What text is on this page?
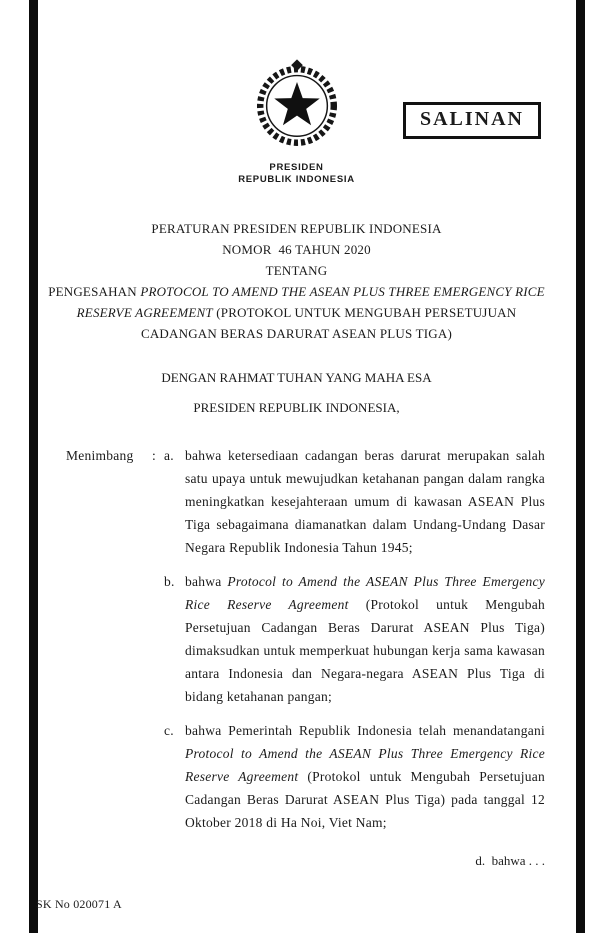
SALINAN
PRESIDEN
REPUBLIK INDONESIA
PERATURAN PRESIDEN REPUBLIK INDONESIA
NOMOR  46 TAHUN 2020
TENTANG
PENGESAHAN PROTOCOL TO AMEND THE ASEAN PLUS THREE EMERGENCY RICE RESERVE AGREEMENT (PROTOKOL UNTUK MENGUBAH PERSETUJUAN CADANGAN BERAS DARURAT ASEAN PLUS TIGA)
DENGAN RAHMAT TUHAN YANG MAHA ESA
PRESIDEN REPUBLIK INDONESIA,
Menimbang	: a. bahwa ketersediaan cadangan beras darurat merupakan salah satu upaya untuk mewujudkan ketahanan pangan dalam rangka meningkatkan kesejahteraan umum di kawasan ASEAN Plus Tiga sebagaimana diamanatkan dalam Undang-Undang Dasar Negara Republik Indonesia Tahun 1945;
b. bahwa Protocol to Amend the ASEAN Plus Three Emergency Rice Reserve Agreement (Protokol untuk Mengubah Persetujuan Cadangan Beras Darurat ASEAN Plus Tiga) dimaksudkan untuk memperkuat hubungan kerja sama kawasan antara Indonesia dan Negara-negara ASEAN Plus Tiga di bidang ketahanan pangan;
c. bahwa Pemerintah Republik Indonesia telah menandatangani Protocol to Amend the ASEAN Plus Three Emergency Rice Reserve Agreement (Protokol untuk Mengubah Persetujuan Cadangan Beras Darurat ASEAN Plus Tiga) pada tanggal 12 Oktober 2018 di Ha Noi, Viet Nam;
d.  bahwa . . .
SK No 020071 A
